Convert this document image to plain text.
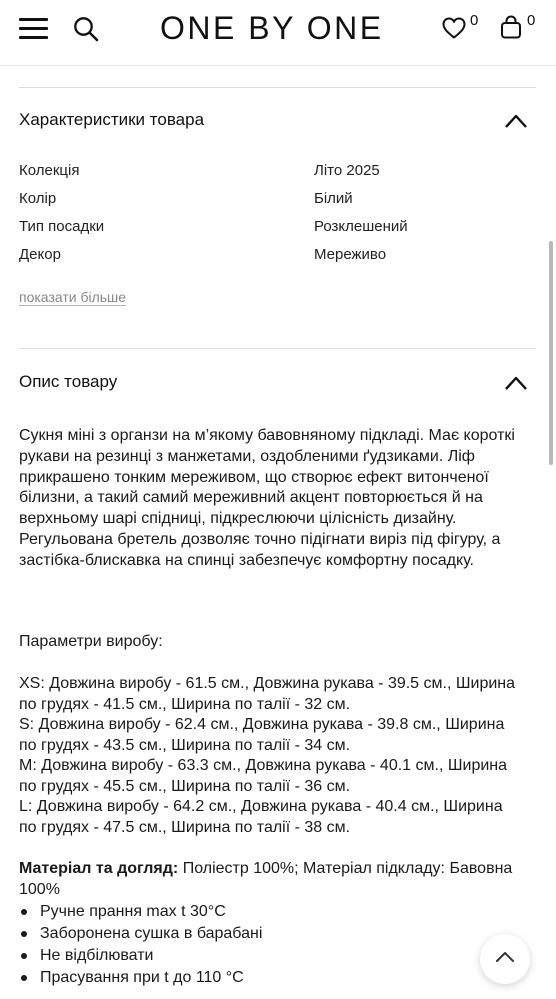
ONE BY ONE	0	0
Характеристики товара
Колекція	Літо 2025
Колір	Білий
Тип посадки	Розклешений
Декор	Мереживо
показати більше
Опис товару
Сукня міні з органзи на м’якому бавовняному підкладі. Має короткі рукави на резинці з манжетами, оздобленими ґудзиками. Ліф прикрашено тонким мереживом, що створює ефект витонченої білизни, а такий самий мереживний акцент повторюється й на верхньому шарі спідниці, підкреслюючи цілісність дизайну. Регульована бретель дозволяє точно підігнати виріз під фігуру, а застібка-блискавка на спинці забезпечує комфортну посадку.
Параметри виробу:
XS: Довжина виробу - 61.5 см., Довжина рукава - 39.5 см., Ширина по грудях - 41.5 см., Ширина по талії - 32 см.
S: Довжина виробу - 62.4 см., Довжина рукава - 39.8 см., Ширина по грудях - 43.5 см., Ширина по талії - 34 см.
M: Довжина виробу - 63.3 см., Довжина рукава - 40.1 см., Ширина по грудях - 45.5 см., Ширина по талії - 36 см.
L: Довжина виробу - 64.2 см., Довжина рукава - 40.4 см., Ширина по грудях - 47.5 см., Ширина по талії - 38 см.
Матеріал та догляд: Поліестр 100%; Матеріал підкладу: Бавовна 100%
Ручне прання max t 30°C
Заборонена сушка в барабані
Не відбілювати
Прасування при t до 110 °C
